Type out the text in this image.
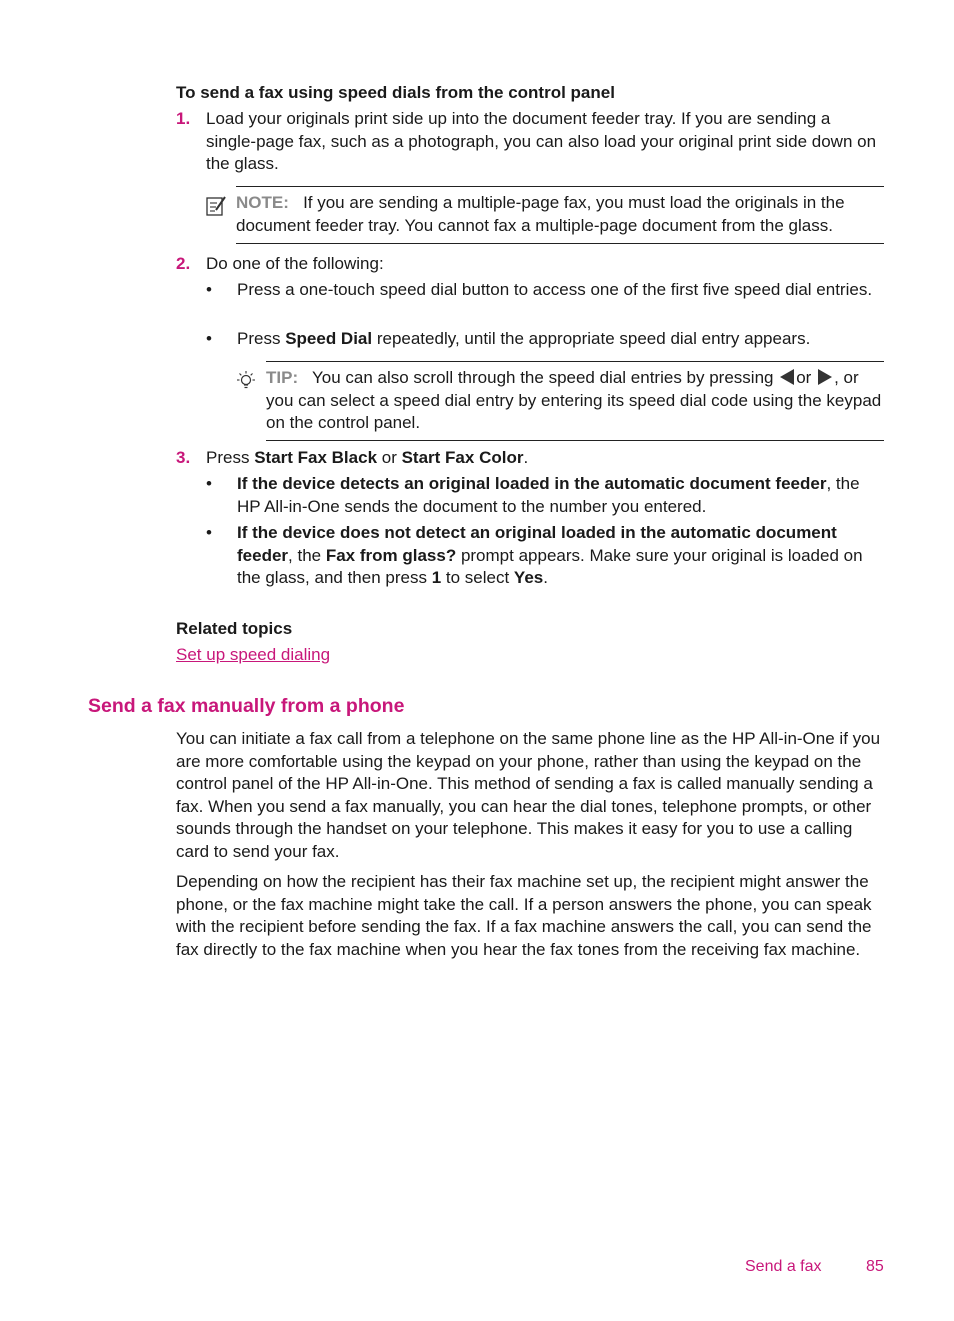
To send a fax using speed dials from the control panel
1. Load your originals print side up into the document feeder tray. If you are sending a single-page fax, such as a photograph, you can also load your original print side down on the glass.
NOTE: If you are sending a multiple-page fax, you must load the originals in the document feeder tray. You cannot fax a multiple-page document from the glass.
2. Do one of the following:
• Press a one-touch speed dial button to access one of the first five speed dial entries.
• Press Speed Dial repeatedly, until the appropriate speed dial entry appears.
TIP: You can also scroll through the speed dial entries by pressing or , or you can select a speed dial entry by entering its speed dial code using the keypad on the control panel.
3. Press Start Fax Black or Start Fax Color.
• If the device detects an original loaded in the automatic document feeder, the HP All-in-One sends the document to the number you entered.
• If the device does not detect an original loaded in the automatic document feeder, the Fax from glass? prompt appears. Make sure your original is loaded on the glass, and then press 1 to select Yes.
Related topics
Set up speed dialing
Send a fax manually from a phone
You can initiate a fax call from a telephone on the same phone line as the HP All-in-One if you are more comfortable using the keypad on your phone, rather than using the keypad on the control panel of the HP All-in-One. This method of sending a fax is called manually sending a fax. When you send a fax manually, you can hear the dial tones, telephone prompts, or other sounds through the handset on your telephone. This makes it easy for you to use a calling card to send your fax.
Depending on how the recipient has their fax machine set up, the recipient might answer the phone, or the fax machine might take the call. If a person answers the phone, you can speak with the recipient before sending the fax. If a fax machine answers the call, you can send the fax directly to the fax machine when you hear the fax tones from the receiving fax machine.
Send a fax	85
